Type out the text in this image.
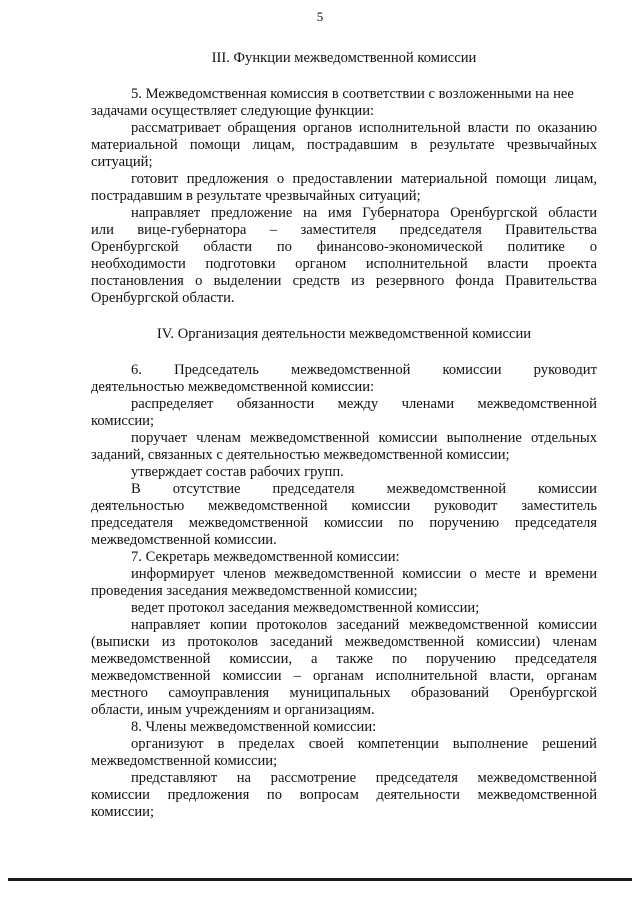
5
III. Функции межведомственной комиссии
5. Межведомственная комиссия в соответствии с возложенными на нее
задачами осуществляет следующие функции:
рассматривает обращения органов исполнительной власти по оказанию
материальной помощи лицам, пострадавшим в результате чрезвычайных
ситуаций;
готовит предложения о предоставлении материальной помощи лицам,
пострадавшим в результате чрезвычайных ситуаций;
направляет предложение на имя Губернатора Оренбургской области
или вице-губернатора – заместителя председателя Правительства
Оренбургской области по финансово-экономической политике о
необходимости подготовки органом исполнительной власти проекта
постановления о выделении средств из резервного фонда Правительства
Оренбургской области.
IV. Организация деятельности межведомственной комиссии
6. Председатель межведомственной комиссии руководит
деятельностью межведомственной комиссии:
распределяет обязанности между членами межведомственной
комиссии;
поручает членам межведомственной комиссии выполнение отдельных
заданий, связанных с деятельностью межведомственной комиссии;
утверждает состав рабочих групп.
В отсутствие председателя межведомственной комиссии
деятельностью межведомственной комиссии руководит заместитель
председателя межведомственной комиссии по поручению председателя
межведомственной комиссии.
7. Секретарь межведомственной комиссии:
информирует членов межведомственной комиссии о месте и времени
проведения заседания межведомственной комиссии;
ведет протокол заседания межведомственной комиссии;
направляет копии протоколов заседаний межведомственной комиссии
(выписки из протоколов заседаний межведомственной комиссии) членам
межведомственной комиссии, а также по поручению председателя
межведомственной комиссии – органам исполнительной власти, органам
местного самоуправления муниципальных образований Оренбургской
области, иным учреждениям и организациям.
8. Члены межведомственной комиссии:
организуют в пределах своей компетенции выполнение решений
межведомственной комиссии;
представляют на рассмотрение председателя межведомственной
комиссии предложения по вопросам деятельности межведомственной
комиссии;
